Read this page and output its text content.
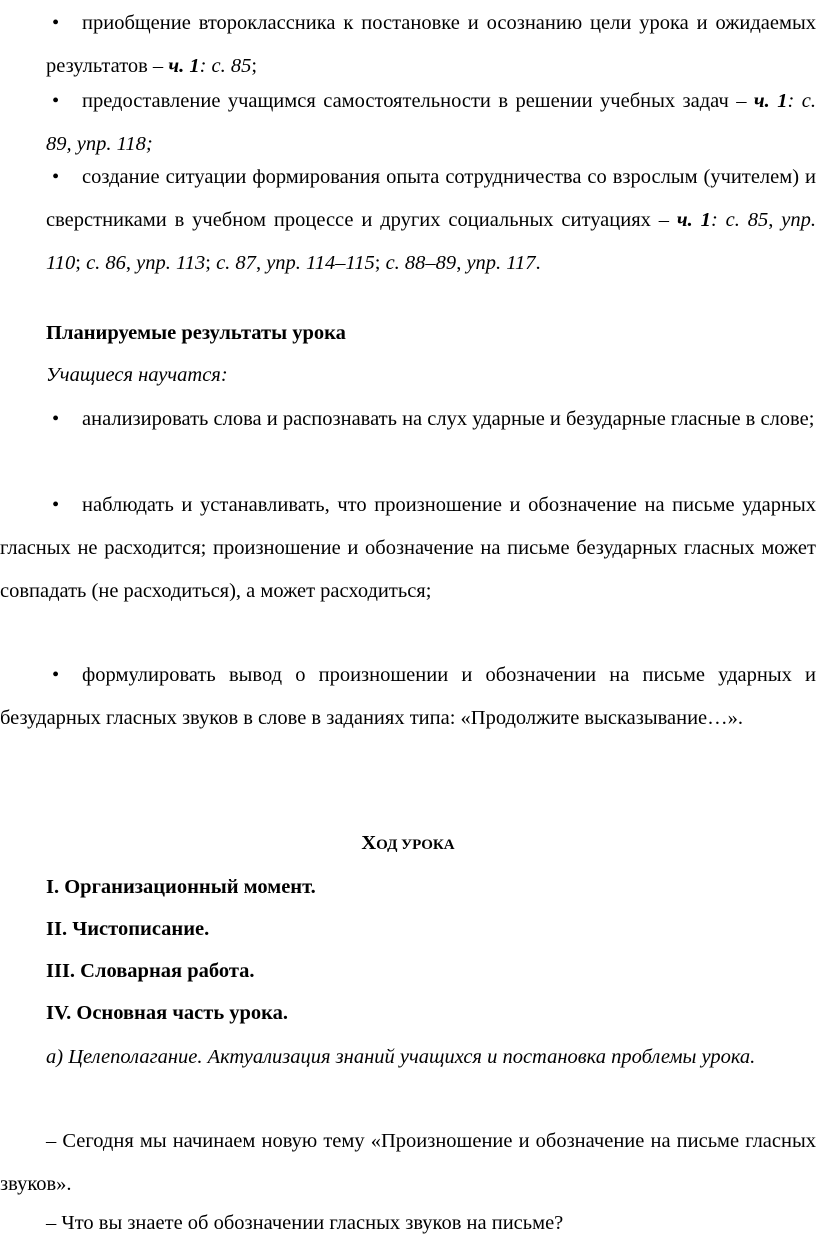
• приобщение второклассника к постановке и осознанию цели урока и ожидаемых результатов – ч. 1: с. 85;
• предоставление учащимся самостоятельности в решении учебных задач – ч. 1: с. 89, упр. 118;
• создание ситуации формирования опыта сотрудничества со взрослым (учителем) и сверстниками в учебном процессе и других социальных ситуациях – ч. 1: с. 85, упр. 110; с. 86, упр. 113; с. 87, упр. 114–115; с. 88–89, упр. 117.
Планируемые результаты урока
Учащиеся научатся:
• анализировать слова и распознавать на слух ударные и безударные гласные в слове;
• наблюдать и устанавливать, что произношение и обозначение на письме ударных гласных не расходится; произношение и обозначение на письме безударных гласных может совпадать (не расходиться), а может расходиться;
• формулировать вывод о произношении и обозначении на письме ударных и безударных гласных звуков в слове в заданиях типа: «Продолжите высказывание…».
ХОД УРОКА
I. Организационный момент.
II. Чистописание.
III. Словарная работа.
IV. Основная часть урока.
а) Целеполагание. Актуализация знаний учащихся и постановка проблемы урока.
– Сегодня мы начинаем новую тему «Произношение и обозначение на письме гласных звуков».
– Что вы знаете об обозначении гласных звуков на письме?
